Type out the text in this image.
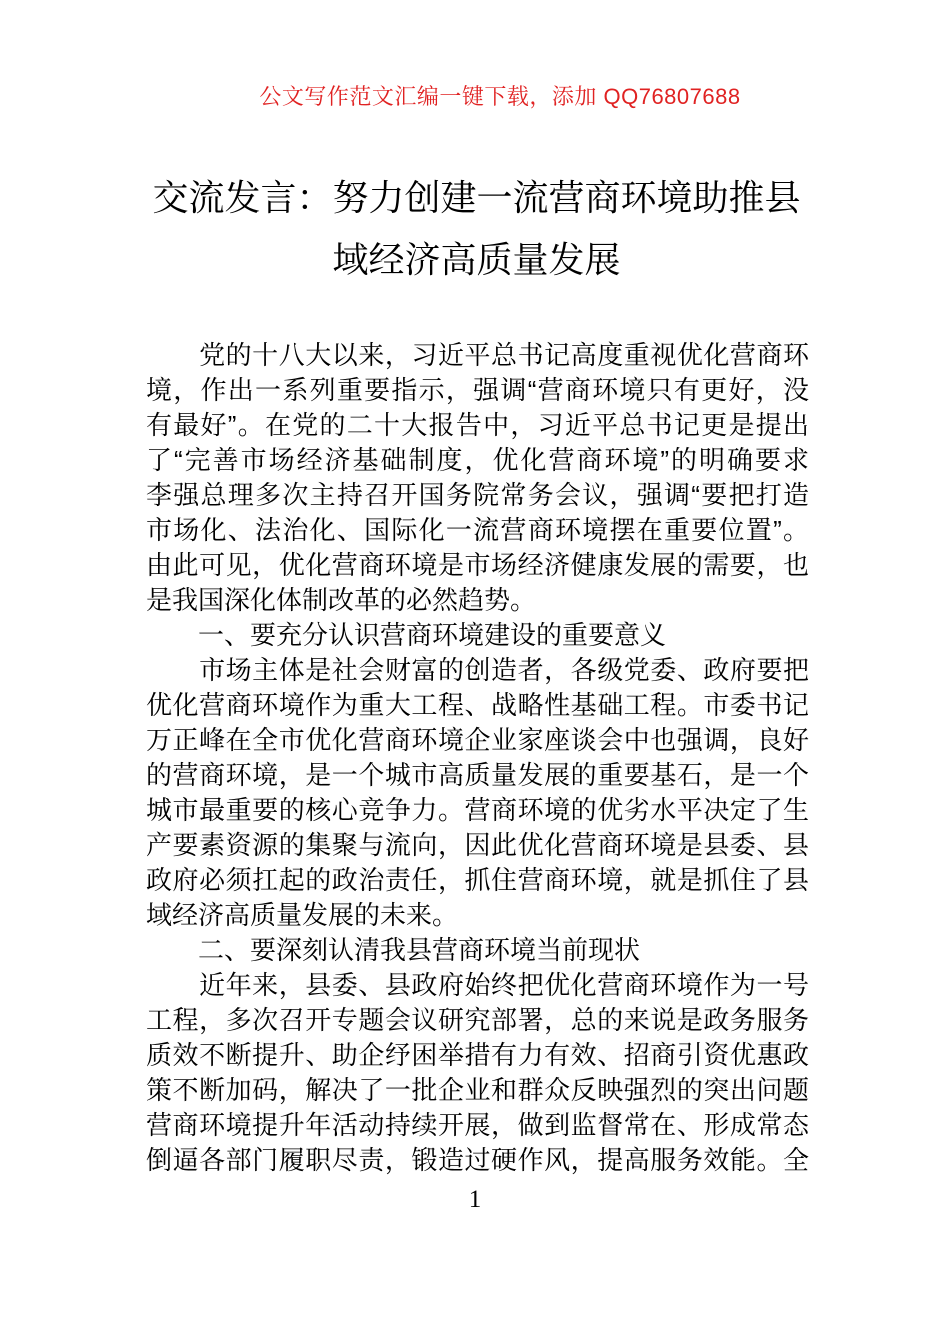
公文写作范文汇编一键下载，添加 QQ76807688
交流发言：努力创建一流营商环境助推县
域经济高质量发展
　　党的十八大以来，习近平总书记高度重视优化营商环
境，作出一系列重要指示，强调“营商环境只有更好，没
有最好”。在党的二十大报告中，习近平总书记更是提出
了“完善市场经济基础制度，优化营商环境”的明确要求
李强总理多次主持召开国务院常务会议，强调“要把打造
市场化、法治化、国际化一流营商环境摆在重要位置”。
由此可见，优化营商环境是市场经济健康发展的需要，也
是我国深化体制改革的必然趋势。
　　一、要充分认识营商环境建设的重要意义
　　市场主体是社会财富的创造者，各级党委、政府要把
优化营商环境作为重大工程、战略性基础工程。市委书记
万正峰在全市优化营商环境企业家座谈会中也强调，良好
的营商环境，是一个城市高质量发展的重要基石，是一个
城市最重要的核心竞争力。营商环境的优劣水平决定了生
产要素资源的集聚与流向，因此优化营商环境是县委、县
政府必须扛起的政治责任，抓住营商环境，就是抓住了县
域经济高质量发展的未来。
　　二、要深刻认清我县营商环境当前现状
　　近年来，县委、县政府始终把优化营商环境作为一号
工程，多次召开专题会议研究部署，总的来说是政务服务
质效不断提升、助企纾困举措有力有效、招商引资优惠政
策不断加码，解决了一批企业和群众反映强烈的突出问题
营商环境提升年活动持续开展，做到监督常在、形成常态
倒逼各部门履职尽责，锻造过硬作风，提高服务效能。全
1
